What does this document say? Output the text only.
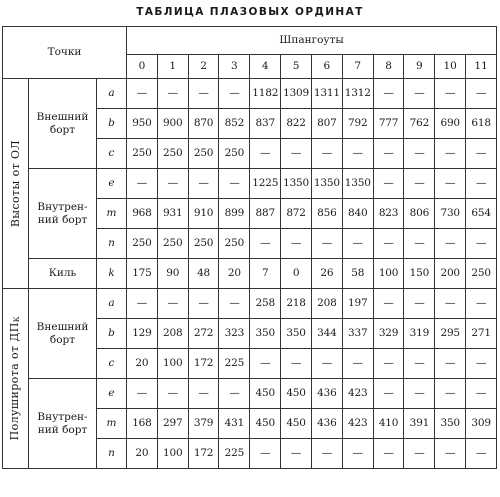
ТАБЛИЦА ПЛАЗОВЫХ ОРДИНАТ
Точки			Шпангоуты											
			0	1	2	3	4	5	6	7	8	9	10	11

Высоты от ОЛ	Внешний борт	a	—	—	—	—	1182	1309	1311	1312	—	—	—	—
		b	950	900	870	852	837	822	807	792	777	762	690	618
		c	250	250	250	250	—	—	—	—	—	—	—	—
	Внутрен-ний борт	e	—	—	—	—	1225	1350	1350	1350	—	—	—	—
		m	968	931	910	899	887	872	856	840	823	806	730	654
		n	250	250	250	250	—	—	—	—	—	—	—	—
	Киль	k	175	90	48	20	7	0	26	58	100	150	200	250

Полуширота от $ДП_К$	Внешний борт	a	—	—	—	—	258	218	208	197	—	—	—	—
		b	129	208	272	323	350	350	344	337	329	319	295	271
		c	20	100	172	225	—	—	—	—	—	—	—	—
	Внутрен-ний борт	e	—	—	—	—	450	450	436	423	—	—	—	—
		m	168	297	379	431	450	450	436	423	410	391	350	309
		n	20	100	172	225	—	—	—	—	—	—	—	—
